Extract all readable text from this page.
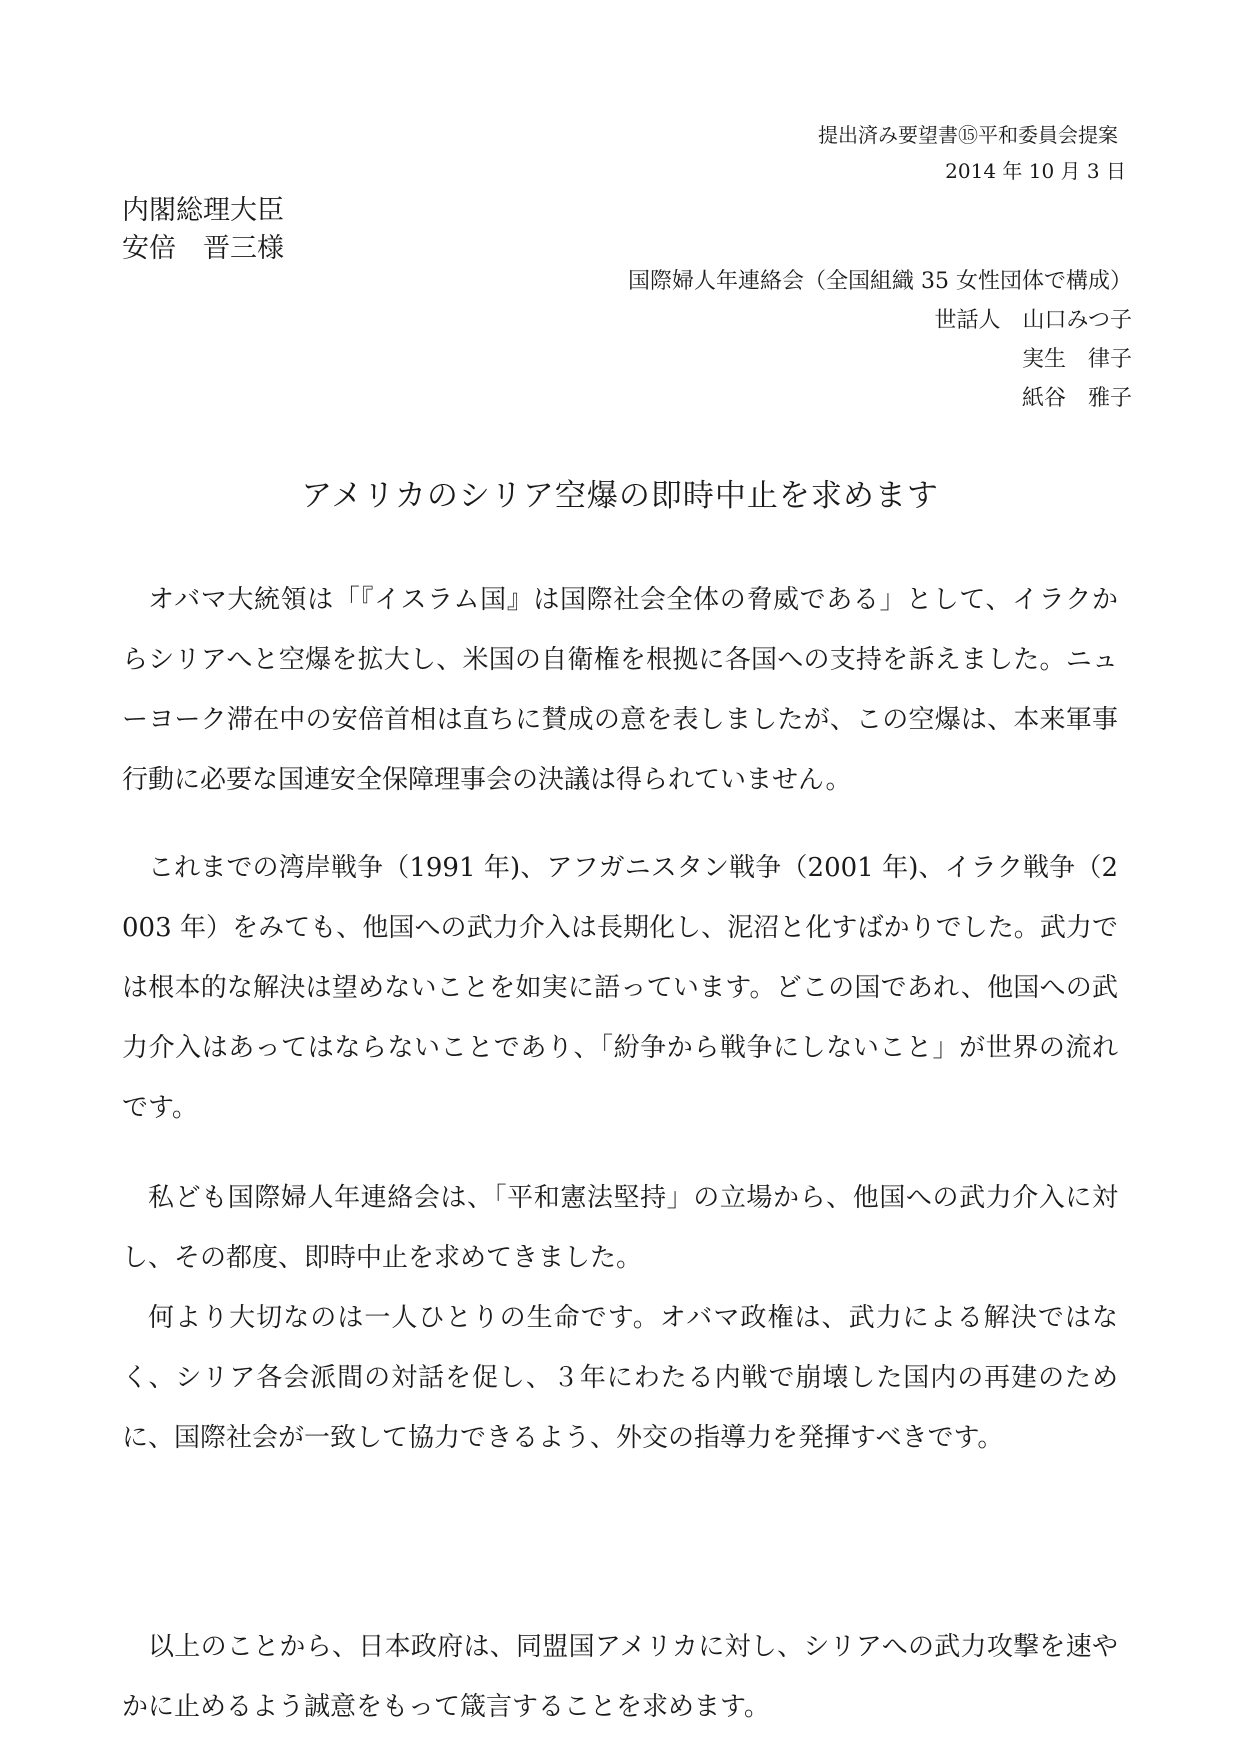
提出済み要望書⑮平和委員会提案
2014 年 10 月 3 日
内閣総理大臣
安倍　晋三様
国際婦人年連絡会（全国組織 35 女性団体で構成）
世話人　山口みつ子
実生　律子
紙谷　雅子
アメリカのシリア空爆の即時中止を求めます
オバマ大統領は「『イスラム国』は国際社会全体の脅威である」として、イラクからシリアへと空爆を拡大し、米国の自衛権を根拠に各国への支持を訴えました。ニューヨーク滞在中の安倍首相は直ちに賛成の意を表しましたが、この空爆は、本来軍事行動に必要な国連安全保障理事会の決議は得られていません。
これまでの湾岸戦争（1991 年)、アフガニスタン戦争（2001 年)、イラク戦争（2003 年）をみても、他国への武力介入は長期化し、泥沼と化すばかりでした。武力では根本的な解決は望めないことを如実に語っています。どこの国であれ、他国への武力介入はあってはならないことであり、「紛争から戦争にしないこと」が世界の流れです。
私ども国際婦人年連絡会は、「平和憲法堅持」の立場から、他国への武力介入に対し、その都度、即時中止を求めてきました。
何より大切なのは一人ひとりの生命です。オバマ政権は、武力による解決ではなく、シリア各会派間の対話を促し、３年にわたる内戦で崩壊した国内の再建のために、国際社会が一致して協力できるよう、外交の指導力を発揮すべきです。
以上のことから、日本政府は、同盟国アメリカに対し、シリアへの武力攻撃を速やかに止めるよう誠意をもって箴言することを求めます。
